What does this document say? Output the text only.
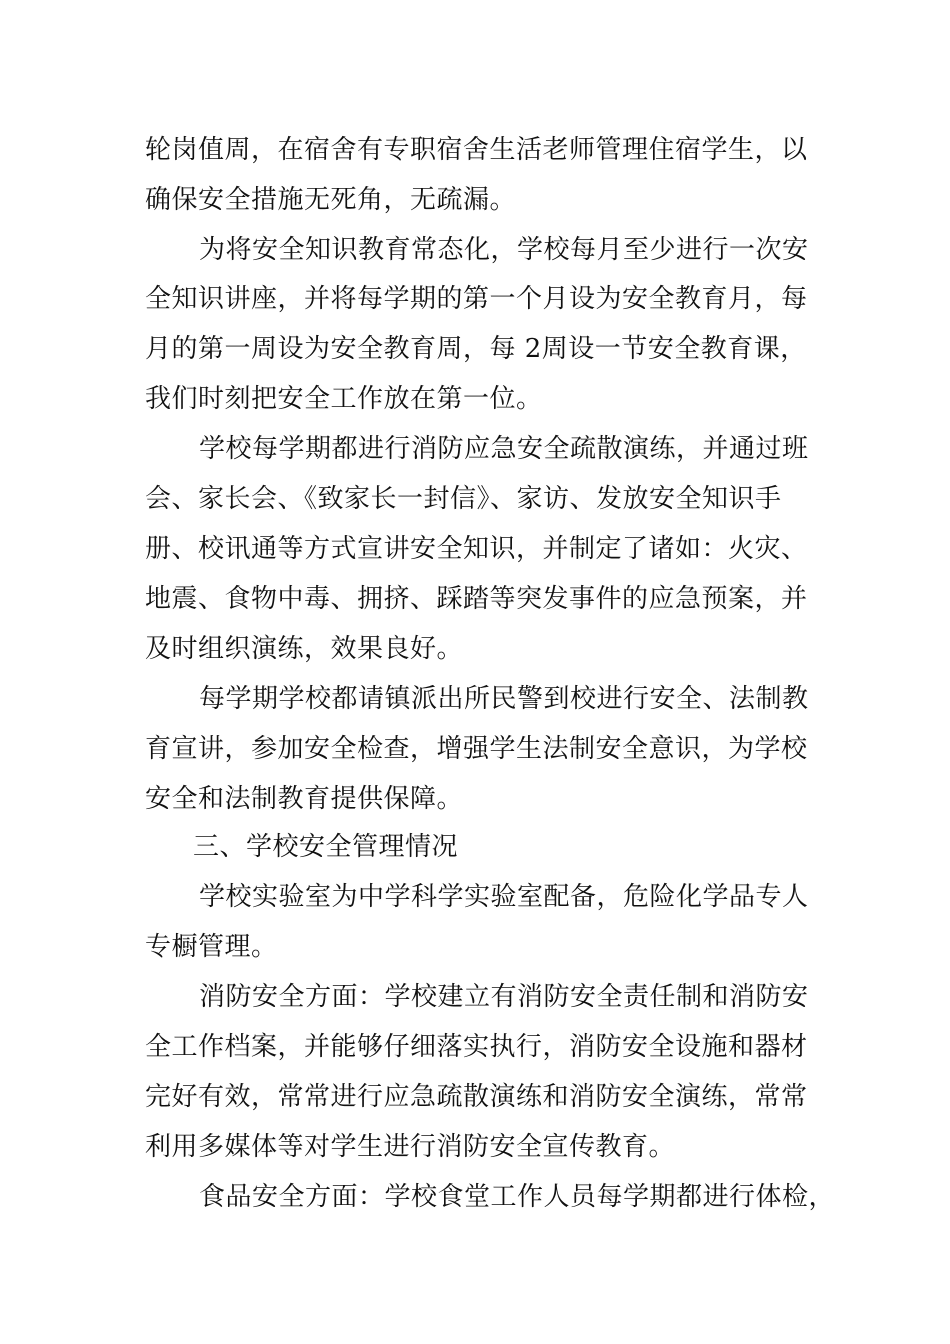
轮岗值周，在宿舍有专职宿舍生活老师管理住宿学生，以
确保安全措施无死角，无疏漏。
为将安全知识教育常态化，学校每月至少进行一次安
全知识讲座，并将每学期的第一个月设为安全教育月，每
月的第一周设为安全教育周，每 2周设一节安全教育课，
我们时刻把安全工作放在第一位。
学校每学期都进行消防应急安全疏散演练，并通过班
会、家长会、《致家长一封信》、家访、发放安全知识手
册、校讯通等方式宣讲安全知识，并制定了诸如：火灾、
地震、食物中毒、拥挤、踩踏等突发事件的应急预案，并
及时组织演练，效果良好。
每学期学校都请镇派出所民警到校进行安全、法制教
育宣讲，参加安全检查，增强学生法制安全意识，为学校
安全和法制教育提供保障。
三、学校安全管理情况
学校实验室为中学科学实验室配备，危险化学品专人
专橱管理。
消防安全方面：学校建立有消防安全责任制和消防安
全工作档案，并能够仔细落实执行，消防安全设施和器材
完好有效，常常进行应急疏散演练和消防安全演练，常常
利用多媒体等对学生进行消防安全宣传教育。
食品安全方面：学校食堂工作人员每学期都进行体检，
